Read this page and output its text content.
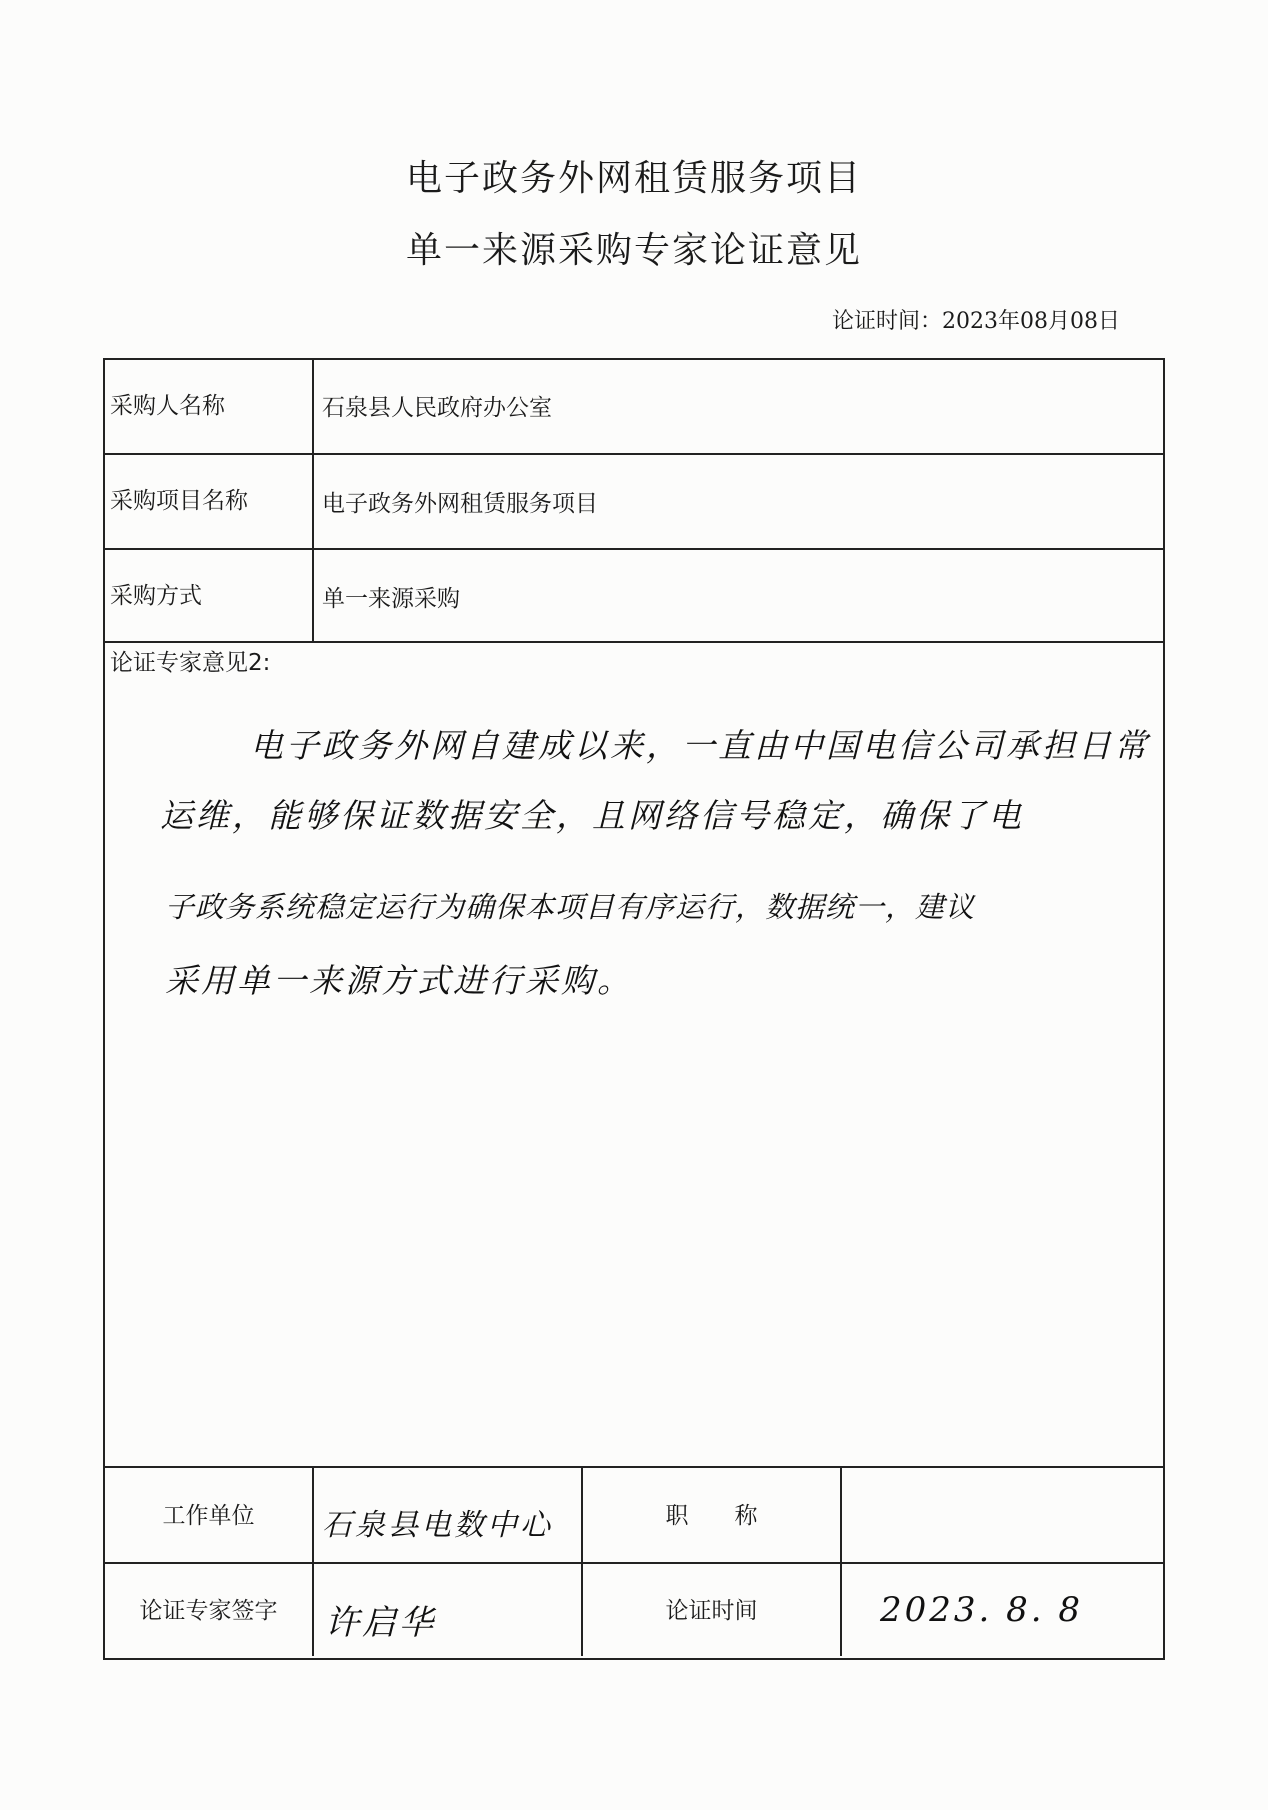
电子政务外网租赁服务项目
单一来源采购专家论证意见
论证时间：2023年08月08日
采购人名称	石泉县人民政府办公室
采购项目名称	电子政务外网租赁服务项目
采购方式	单一来源采购
论证专家意见2:
电子政务外网自建成以来，一直由中国电信公司承担日常
运维，能够保证数据安全，且网络信号稳定，确保了电
子政务系统稳定运行为确保本项目有序运行，数据统一，建议
采用单一来源方式进行采购。
工作单位	石泉县电数中心	职　　称
论证专家签字	许启华	论证时间	2023. 8. 8
